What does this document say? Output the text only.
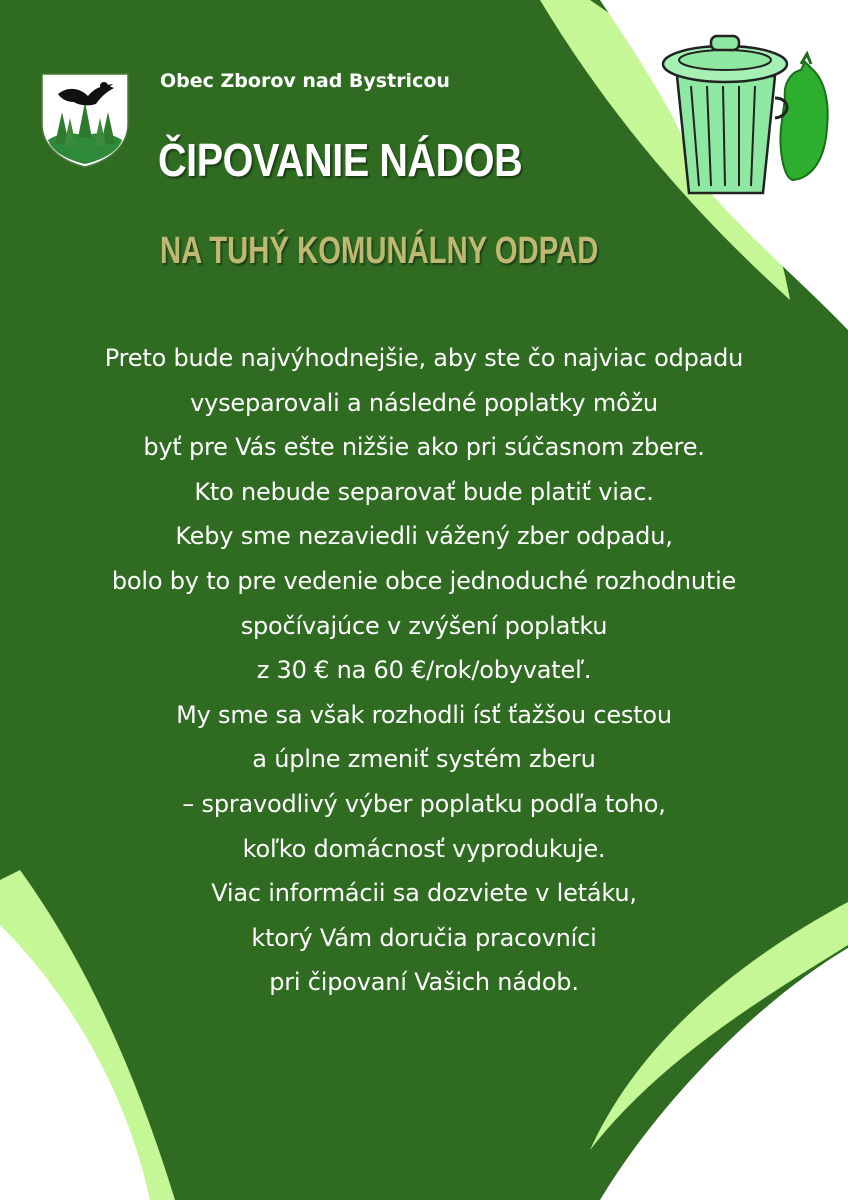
Obec Zborov nad Bystricou
ČIPOVANIE NÁDOB
NA TUHÝ KOMUNÁLNY ODPAD
Preto bude najvýhodnejšie, aby ste čo najviac odpadu
vyseparovali a následné poplatky môžu
byť pre Vás ešte nižšie ako pri súčasnom zbere.
Kto nebude separovať bude platiť viac.
Keby sme nezaviedli vážený zber odpadu,
bolo by to pre vedenie obce jednoduché rozhodnutie
spočívajúce v zvýšení poplatku
z 30 € na 60 €/rok/obyvateľ.
My sme sa však rozhodli ísť ťažšou cestou
a úplne zmeniť systém zberu
– spravodlivý výber poplatku podľa toho,
koľko domácnosť vyprodukuje.
Viac informácii sa dozviete v letáku,
ktorý Vám doručia pracovníci
pri čipovaní Vašich nádob.
